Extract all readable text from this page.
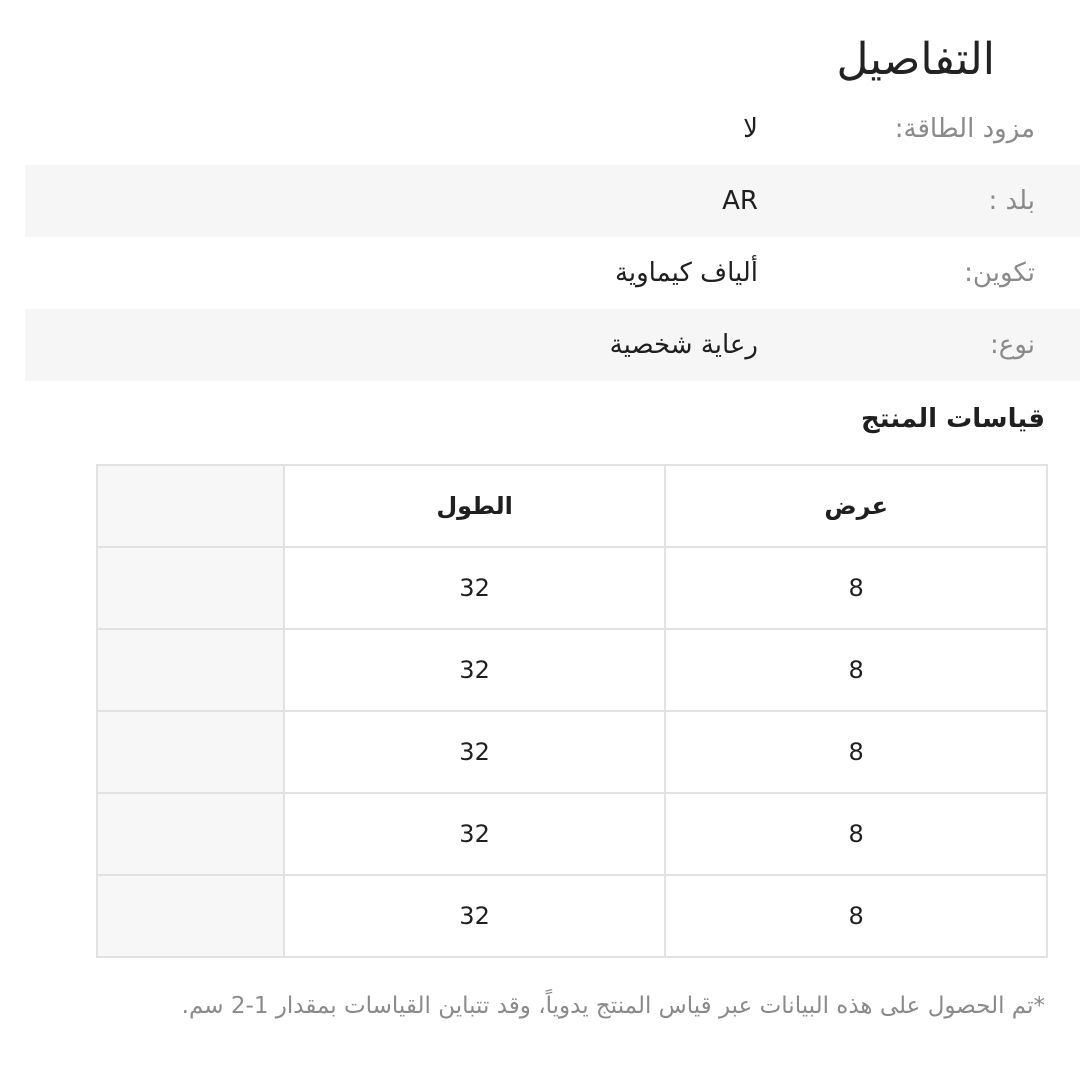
التفاصيل
مزود الطاقة:
لا
بلد :
AR
تكوين:
ألياف كيماوية
نوع:
رعاية شخصية
قياسات المنتج
	الطول	عرض
	32	8
	32	8
	32	8
	32	8
	32	8
*تم الحصول على هذه البيانات عبر قياس المنتج يدوياً، وقد تتباين القياسات بمقدار 1-2 سم.
